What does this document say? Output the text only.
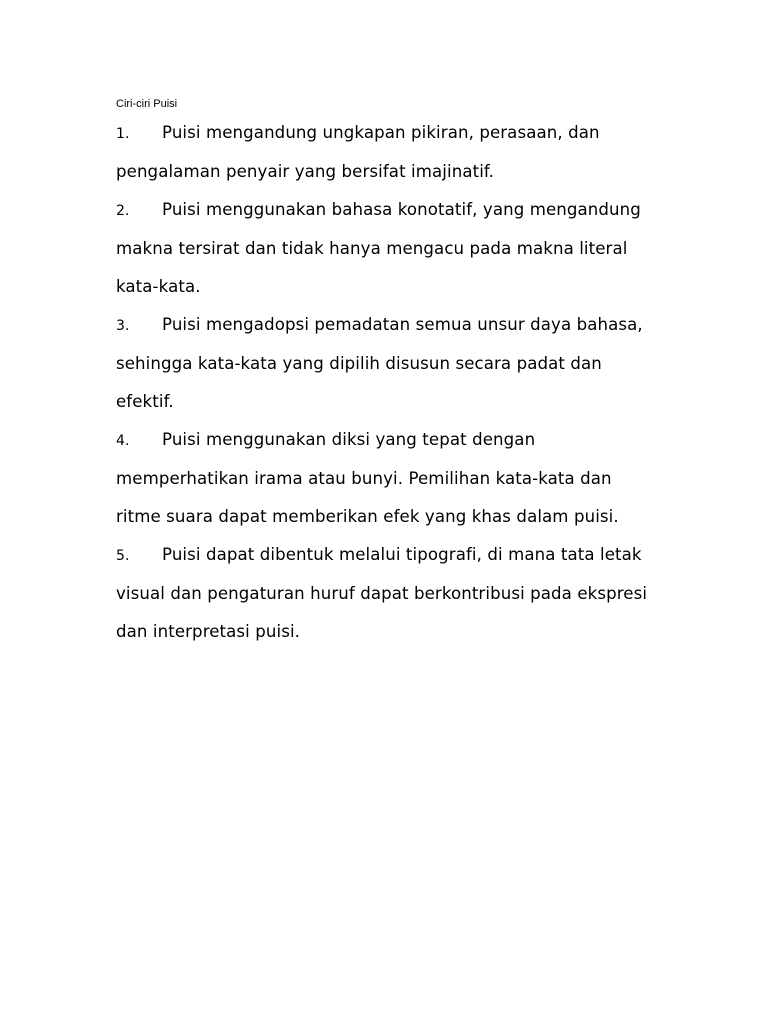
Ciri-ciri Puisi
1. Puisi mengandung ungkapan pikiran, perasaan, dan pengalaman penyair yang bersifat imajinatif.
2. Puisi menggunakan bahasa konotatif, yang mengandung makna tersirat dan tidak hanya mengacu pada makna literal kata-kata.
3. Puisi mengadopsi pemadatan semua unsur daya bahasa, sehingga kata-kata yang dipilih disusun secara padat dan efektif.
4. Puisi menggunakan diksi yang tepat dengan memperhatikan irama atau bunyi. Pemilihan kata-kata dan ritme suara dapat memberikan efek yang khas dalam puisi.
5. Puisi dapat dibentuk melalui tipografi, di mana tata letak visual dan pengaturan huruf dapat berkontribusi pada ekspresi dan interpretasi puisi.
